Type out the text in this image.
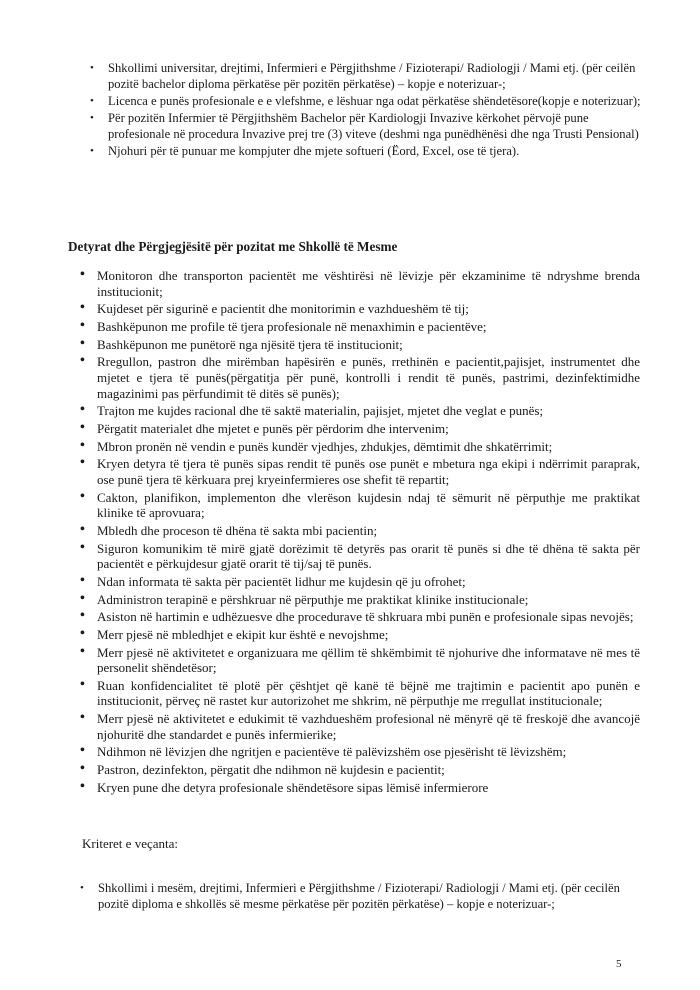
• Shkollimi universitar, drejtimi, Infermieri e Përgjithshme / Fizioterapi/ Radiologji / Mami etj. (për ceilën pozitë bachelor diploma përkatëse për pozitën përkatëse) – kopje e noterizuar-;
• Licenca e punës profesionale e e vlefshme, e lëshuar nga odat përkatëse shëndetësore(kopje e noterizuar);
• Për pozitën Infermier të Përgjithshëm Bachelor për Kardiologji Invazive kërkohet përvojë pune profesionale në procedura Invazive prej tre (3) viteve (deshmi nga punëdhënësi dhe nga Trusti Pensional)
• Njohuri për të punuar me kompjuter dhe mjete softueri (Ëord, Excel, ose të tjera).
Detyrat dhe Përgjegjësitë për pozitat me Shkollë të Mesme
• Monitoron dhe transporton pacientët me vështirësi në lëvizje për ekzaminime të ndryshme brenda institucionit;
• Kujdeset për sigurinë e pacientit dhe monitorimin e vazhdueshëm të tij;
• Bashkëpunon me profile të tjera profesionale në menaxhimin e pacientëve;
• Bashkëpunon me punëtorë nga njësitë tjera të institucionit;
• Rregullon, pastron dhe mirëmban hapësirën e punës, rrethinën e pacientit,pajisjet, instrumentet dhe mjetet e tjera të punës(përgatitja për punë, kontrolli i rendit të punës, pastrimi, dezinfektimidhe magazinimi pas përfundimit të ditës së punës);
• Trajton me kujdes racional dhe të saktë materialin, pajisjet, mjetet dhe veglat e punës;
• Përgatit materialet dhe mjetet e punës për përdorim dhe intervenim;
• Mbron pronën në vendin e punës kundër vjedhjes, zhdukjes, dëmtimit dhe shkatërrimit;
• Kryen detyra të tjera të punës sipas rendit të punës ose punët e mbetura nga ekipi i ndërrimit paraprak, ose punë tjera të kërkuara prej kryeinfermieres ose shefit të repartit;
• Cakton, planifikon, implementon dhe vlerëson kujdesin ndaj të sëmurit në përputhje me praktikat klinike të aprovuara;
• Mbledh dhe proceson të dhëna të sakta mbi pacientin;
• Siguron komunikim të mirë gjatë dorëzimit të detyrës pas orarit të punës si dhe të dhëna të sakta për pacientët e përkujdesur gjatë orarit të tij/saj të punës.
• Ndan informata të sakta për pacientët lidhur me kujdesin që ju ofrohet;
• Administron terapinë e përshkruar në përputhje me praktikat klinike institucionale;
• Asiston në hartimin e udhëzuesve dhe procedurave të shkruara mbi punën e profesionale sipas nevojës;
• Merr pjesë në mbledhjet e ekipit kur është e nevojshme;
• Merr pjesë në aktivitetet e organizuara me qëllim të shkëmbimit të njohurive dhe informatave në mes të personelit shëndetësor;
• Ruan konfidencialitet të plotë për çështjet që kanë të bëjnë me trajtimin e pacientit apo punën e institucionit, përveç në rastet kur autorizohet me shkrim, në përputhje me rregullat institucionale;
• Merr pjesë në aktivitetet e edukimit të vazhdueshëm profesional në mënyrë që të freskojë dhe avancojë njohuritë dhe standardet e punës infermierike;
• Ndihmon në lëvizjen dhe ngritjen e pacientëve të palëvizshëm ose pjesërisht të lëvizshëm;
• Pastron, dezinfekton, përgatit dhe ndihmon në kujdesin e pacientit;
• Kryen pune dhe detyra profesionale shëndetësore sipas lëmisë infermierore
Kriteret e veçanta:
• Shkollimi i mesëm, drejtimi, Infermieri e Përgjithshme / Fizioterapi/ Radiologji / Mami etj. (për cecilën pozitë diploma e shkollës së mesme përkatëse për pozitën përkatëse) – kopje e noterizuar-;
5
